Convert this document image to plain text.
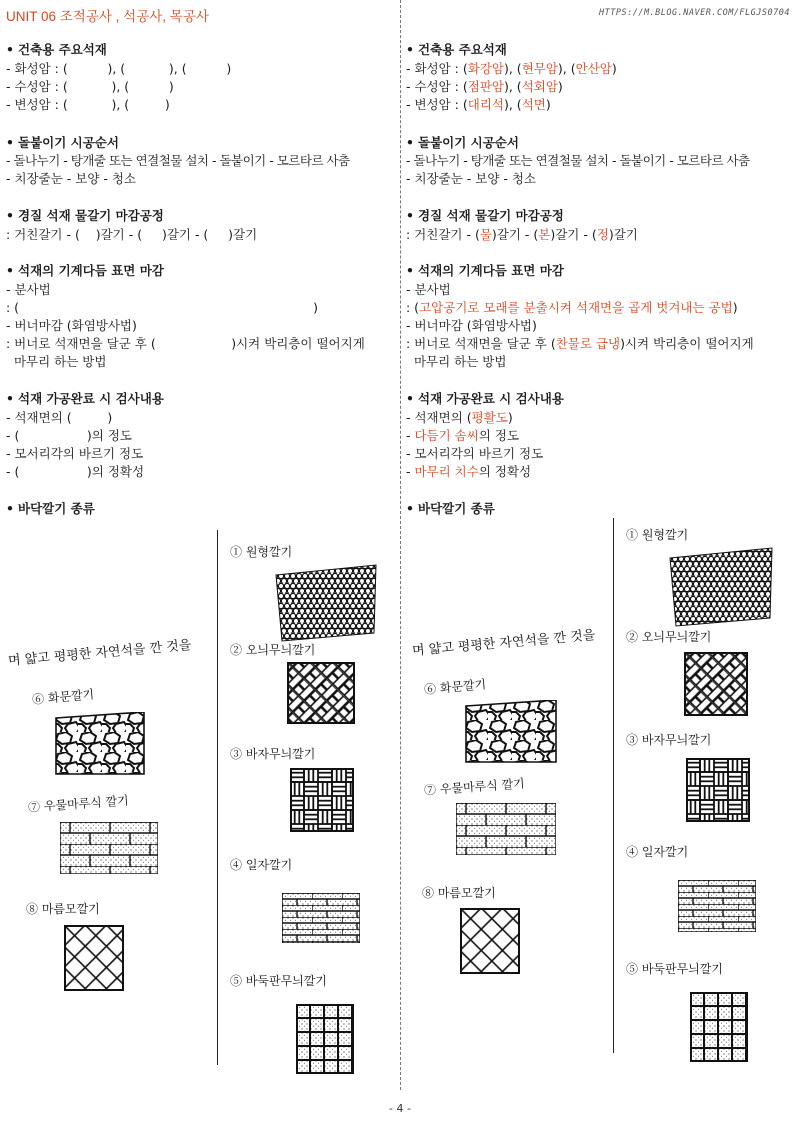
UNIT 06 조적공사 , 석공사, 목공사	HTTPS://M.BLOG.NAVER.COM/FLGJS0704
• 건축용 주요석재
- 화성암 : (          ), (           ), (          )
- 수성암 : (           ), (          )
- 변성암 : (           ), (         )
• 돌붙이기 시공순서
- 돌나누기 - 탕개줄 또는 연결철물 설치 - 돌붙이기 - 모르타르 사춤
- 치장줄눈 - 보양 - 청소
• 경질 석재 물갈기 마감공정
: 거친갈기 - (    )갈기 - (     )갈기 - (     )갈기
• 석재의 기계다듬 표면 마감
- 분사법
: (                                                                          )
- 버너마감 (화염방사법)
: 버너로 석재면을 달군 후 (                   )시켜 박리층이 떨어지게
마무리 하는 방법
• 석재 가공완료 시 검사내용
- 석재면의 (         )
- (                 )의 정도
- 모서리각의 바르기 정도
- (                 )의 정확성
• 바닥깔기 종류
• 건축용 주요석재
- 화성암 : (화강암), (현무암), (안산암)
- 수성암 : (점판암), (석회암)
- 변성암 : (대리석), (석면)
• 돌붙이기 시공순서
- 돌나누기 - 탕개줄 또는 연결철물 설치 - 돌붙이기 - 모르타르 사춤
- 치장줄눈 - 보양 - 청소
• 경질 석재 물갈기 마감공정
: 거친갈기 - (물)갈기 - (본)갈기 - (정)갈기
• 석재의 기계다듬 표면 마감
- 분사법
: (고압공기로 모래를 분출시켜 석재면을 곱게 벗겨내는 공법)
- 버너마감 (화염방사법)
: 버너로 석재면을 달군 후 (찬물로 급냉)시켜 박리층이 떨어지게
마무리 하는 방법
• 석재 가공완료 시 검사내용
- 석재면의 (평활도)
- 다듬기 솜씨의 정도
- 모서리각의 바르기 정도
- 마무리 치수의 정확성
• 바닥깔기 종류
며 얇고 평평한 자연석을 깐 것을
① 원형깔기
② 오늬무늬깔기
③ 바자무늬깔기
④ 일자깔기
⑤ 바둑판무늬깔기
⑥ 화문깔기
⑦ 우물마루식 깔기
⑧ 마름모깔기
며 얇고 평평한 자연석을 깐 것을
① 원형깔기
② 오늬무늬깔기
③ 바자무늬깔기
④ 일자깔기
⑤ 바둑판무늬깔기
⑥ 화문깔기
⑦ 우물마루식 깔기
⑧ 마름모깔기
- 4 -
